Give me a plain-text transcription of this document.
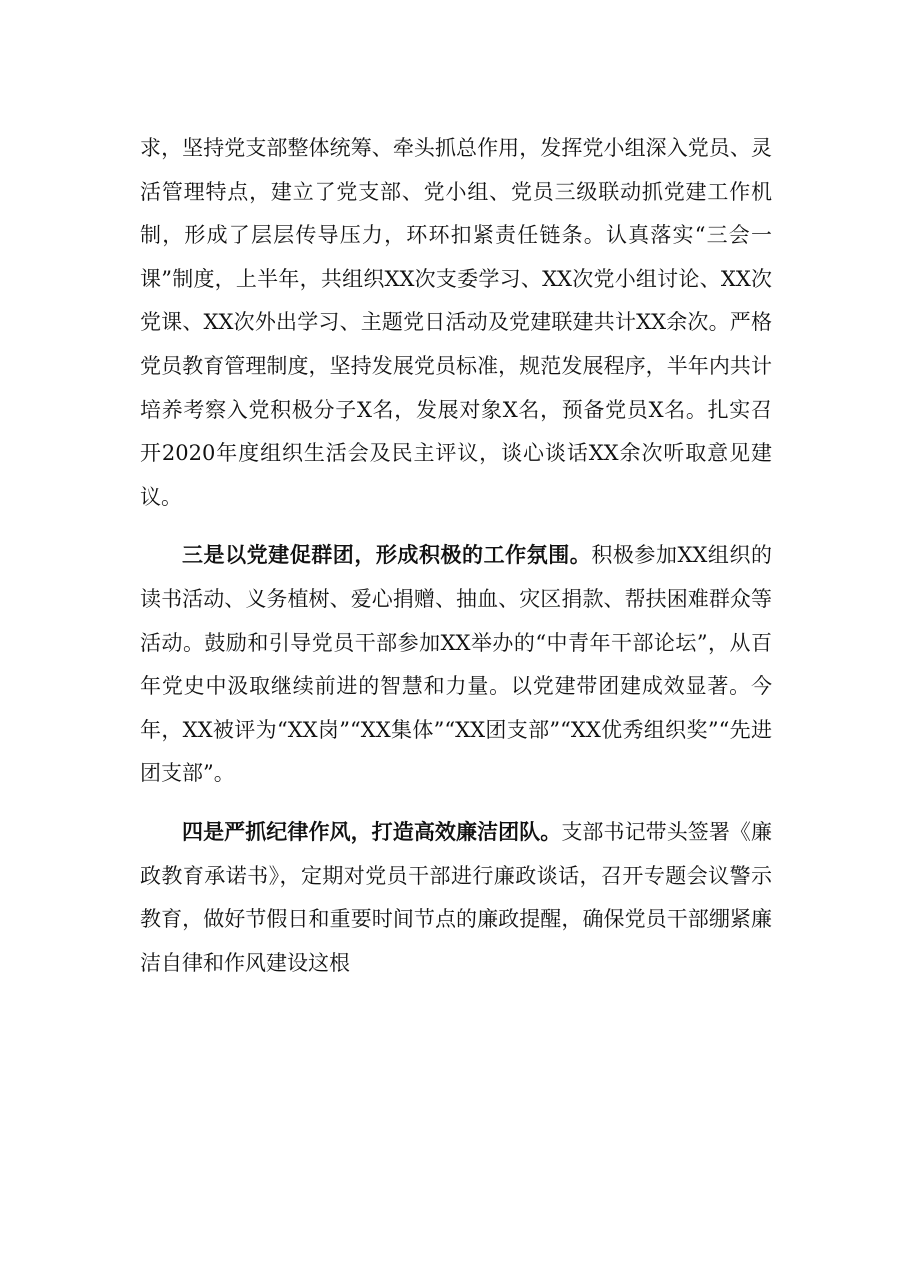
求，坚持党支部整体统筹、牵头抓总作用，发挥党小组深入党员、灵活管理特点，建立了党支部、党小组、党员三级联动抓党建工作机制，形成了层层传导压力，环环扣紧责任链条。认真落实“三会一课”制度，上半年，共组织XX次支委学习、XX次党小组讨论、XX次党课、XX次外出学习、主题党日活动及党建联建共计XX余次。严格党员教育管理制度，坚持发展党员标准，规范发展程序，半年内共计培养考察入党积极分子X名，发展对象X名，预备党员X名。扎实召开2020年度组织生活会及民主评议，谈心谈话XX余次听取意见建议。

三是以党建促群团，形成积极的工作氛围。积极参加XX组织的读书活动、义务植树、爱心捐赠、抽血、灾区捐款、帮扶困难群众等活动。鼓励和引导党员干部参加XX举办的“中青年干部论坛”，从百年党史中汲取继续前进的智慧和力量。以党建带团建成效显著。今年，XX被评为“XX岗”“XX集体”“XX团支部”“XX优秀组织奖”“先进团支部”。

四是严抓纪律作风，打造高效廉洁团队。支部书记带头签署《廉政教育承诺书》，定期对党员干部进行廉政谈话，召开专题会议警示教育，做好节假日和重要时间节点的廉政提醒，确保党员干部绷紧廉洁自律和作风建设这根
